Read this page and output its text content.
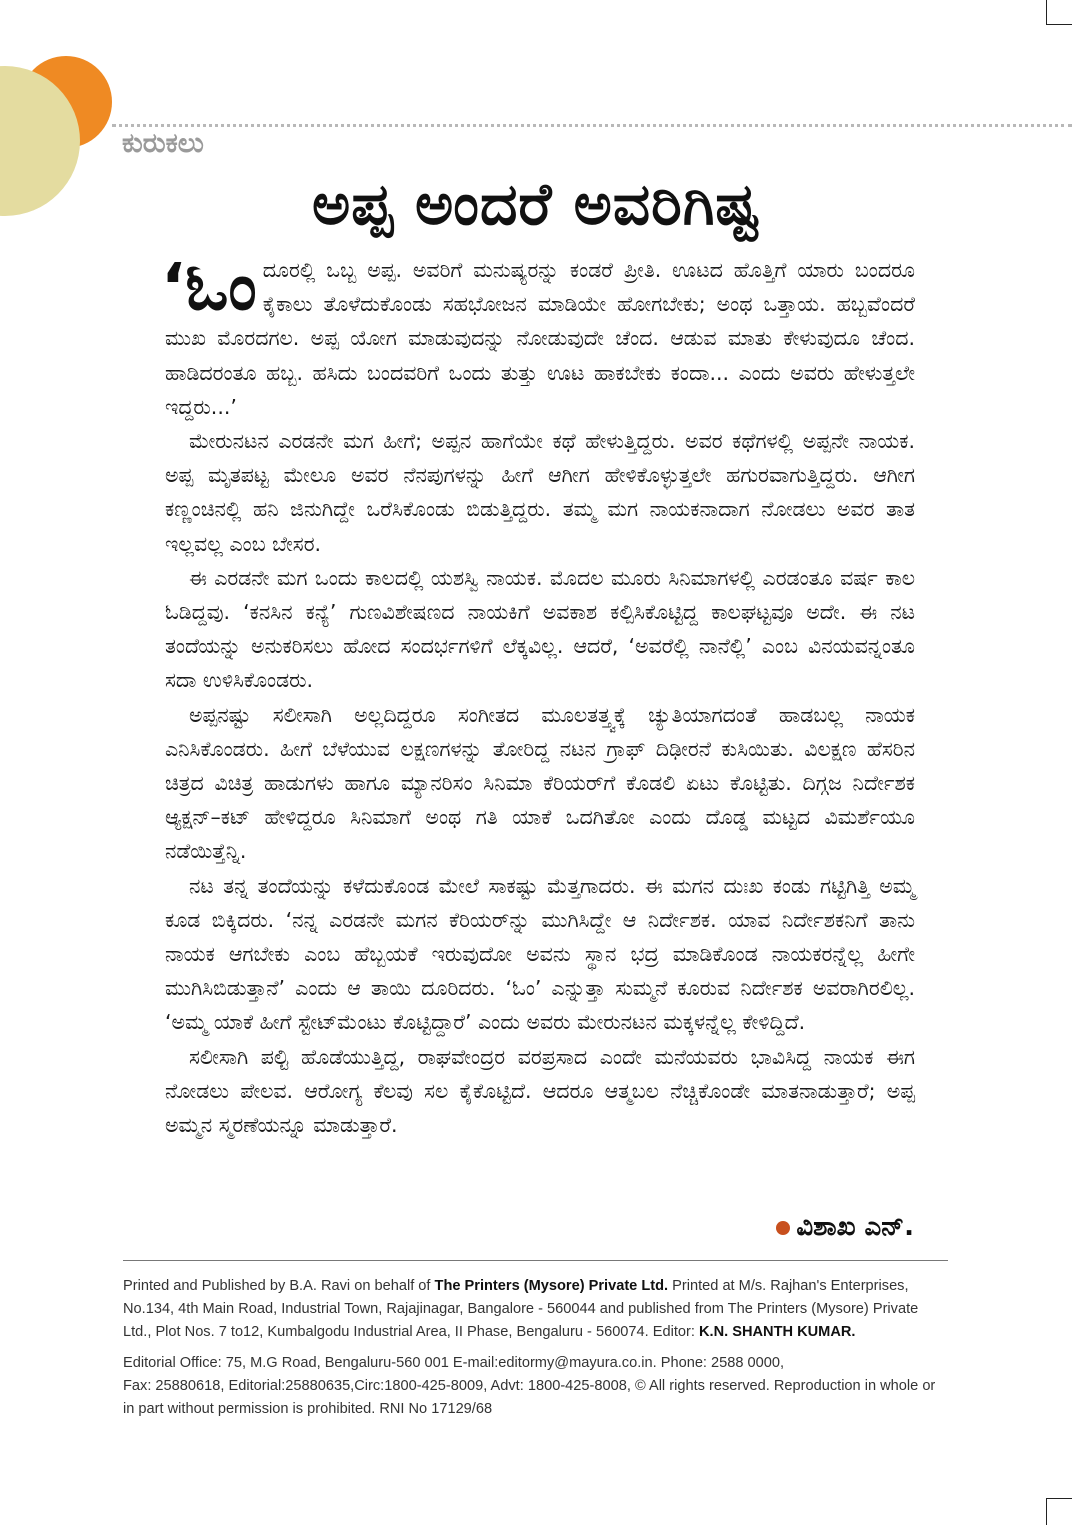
ಕುರುಕಲು
ಅಪ್ಪ ಅಂದರೆ ಅವರಿಗಿಷ್ಟ

‘ಓಂ ದೂರಲ್ಲಿ ಒಬ್ಬ ಅಪ್ಪ. ಅವರಿಗೆ ಮನುಷ್ಯರನ್ನು ಕಂಡರೆ ಪ್ರೀತಿ. ಊಟದ ಹೊತ್ತಿಗೆ ಯಾರು ಬಂದರೂ ಕೈಕಾಲು ತೊಳೆದುಕೊಂಡು ಸಹಭೋಜನ ಮಾಡಿಯೇ ಹೋಗಬೇಕು; ಅಂಥ ಒತ್ತಾಯ. ಹಬ್ಬವೆಂದರೆ ಮುಖ ಮೊರದಗಲ. ಅಪ್ಪ ಯೋಗ ಮಾಡುವುದನ್ನು ನೋಡುವುದೇ ಚೆಂದ. ಆಡುವ ಮಾತು ಕೇಳುವುದೂ ಚೆಂದ. ಹಾಡಿದರಂತೂ ಹಬ್ಬ. ಹಸಿದು ಬಂದವರಿಗೆ ಒಂದು ತುತ್ತು ಊಟ ಹಾಕಬೇಕು ಕಂದಾ... ಎಂದು ಅವರು ಹೇಳುತ್ತಲೇ ಇದ್ದರು...’

ಮೇರುನಟನ ಎರಡನೇ ಮಗ ಹೀಗೆ; ಅಪ್ಪನ ಹಾಗೆಯೇ ಕಥೆ ಹೇಳುತ್ತಿದ್ದರು. ಅವರ ಕಥೆಗಳಲ್ಲಿ ಅಪ್ಪನೇ ನಾಯಕ. ಅಪ್ಪ ಮೃತಪಟ್ಟ ಮೇಲೂ ಅವರ ನೆನಪುಗಳನ್ನು ಹೀಗೆ ಆಗೀಗ ಹೇಳಿಕೊಳ್ಳುತ್ತಲೇ ಹಗುರವಾಗುತ್ತಿದ್ದರು. ಆಗೀಗ ಕಣ್ಣಂಚಿನಲ್ಲಿ ಹನಿ ಜಿನುಗಿದ್ದೇ ಒರೆಸಿಕೊಂಡು ಬಿಡುತ್ತಿದ್ದರು. ತಮ್ಮ ಮಗ ನಾಯಕನಾದಾಗ ನೋಡಲು ಅವರ ತಾತ ಇಲ್ಲವಲ್ಲ ಎಂಬ ಬೇಸರ.

ಈ ಎರಡನೇ ಮಗ ಒಂದು ಕಾಲದಲ್ಲಿ ಯಶಸ್ವಿ ನಾಯಕ. ಮೊದಲ ಮೂರು ಸಿನಿಮಾಗಳಲ್ಲಿ ಎರಡಂತೂ ವರ್ಷ ಕಾಲ ಓಡಿದ್ದವು. ‘ಕನಸಿನ ಕನ್ಯೆ’ ಗುಣವಿಶೇಷಣದ ನಾಯಕಿಗೆ ಅವಕಾಶ ಕಲ್ಪಿಸಿಕೊಟ್ಟಿದ್ದ ಕಾಲಘಟ್ಟವೂ ಅದೇ. ಈ ನಟ ತಂದೆಯನ್ನು ಅನುಕರಿಸಲು ಹೋದ ಸಂದರ್ಭಗಳಿಗೆ ಲೆಕ್ಕವಿಲ್ಲ. ಆದರೆ, ‘ಅವರೆಲ್ಲಿ ನಾನೆಲ್ಲಿ’ ಎಂಬ ವಿನಯವನ್ನಂತೂ ಸದಾ ಉಳಿಸಿಕೊಂಡರು.

ಅಪ್ಪನಷ್ಟು ಸಲೀಸಾಗಿ ಅಲ್ಲದಿದ್ದರೂ ಸಂಗೀತದ ಮೂಲತತ್ತ್ವಕ್ಕೆ ಚ್ಯುತಿಯಾಗದಂತೆ ಹಾಡಬಲ್ಲ ನಾಯಕ ಎನಿಸಿಕೊಂಡರು. ಹೀಗೆ ಬೆಳೆಯುವ ಲಕ್ಷಣಗಳನ್ನು ತೋರಿದ್ದ ನಟನ ಗ್ರಾಫ್ ದಿಢೀರನೆ ಕುಸಿಯಿತು. ವಿಲಕ್ಷಣ ಹೆಸರಿನ ಚಿತ್ರದ ವಿಚಿತ್ರ ಹಾಡುಗಳು ಹಾಗೂ ಮ್ಯಾನರಿಸಂ ಸಿನಿಮಾ ಕೆರಿಯರ್‌ಗೆ ಕೊಡಲಿ ಏಟು ಕೊಟ್ಟಿತು. ದಿಗ್ಗಜ ನಿರ್ದೇಶಕ ಆ್ಯಕ್ಷನ್–ಕಟ್ ಹೇಳಿದ್ದರೂ ಸಿನಿಮಾಗೆ ಅಂಥ ಗತಿ ಯಾಕೆ ಒದಗಿತೋ ಎಂದು ದೊಡ್ಡ ಮಟ್ಟದ ವಿಮರ್ಶೆಯೂ ನಡೆಯಿತ್ತೆನ್ನಿ.

ನಟ ತನ್ನ ತಂದೆಯನ್ನು ಕಳೆದುಕೊಂಡ ಮೇಲೆ ಸಾಕಷ್ಟು ಮೆತ್ತಗಾದರು. ಈ ಮಗನ ದುಃಖ ಕಂಡು ಗಟ್ಟಿಗಿತ್ತಿ ಅಮ್ಮ ಕೂಡ ಬಿಕ್ಕಿದರು. ‘ನನ್ನ ಎರಡನೇ ಮಗನ ಕೆರಿಯರ್‌ನ್ನು ಮುಗಿಸಿದ್ದೇ ಆ ನಿರ್ದೇಶಕ. ಯಾವ ನಿರ್ದೇಶಕನಿಗೆ ತಾನು ನಾಯಕ ಆಗಬೇಕು ಎಂಬ ಹೆಬ್ಬಯಕೆ ಇರುವುದೋ ಅವನು ಸ್ಥಾನ ಭದ್ರ ಮಾಡಿಕೊಂಡ ನಾಯಕರನ್ನೆಲ್ಲ ಹೀಗೇ ಮುಗಿಸಿಬಿಡುತ್ತಾನೆ’ ಎಂದು ಆ ತಾಯಿ ದೂರಿದರು. ‘ಓಂ’ ಎನ್ನುತ್ತಾ ಸುಮ್ಮನೆ ಕೂರುವ ನಿರ್ದೇಶಕ ಅವರಾಗಿರಲಿಲ್ಲ. ‘ಅಮ್ಮ ಯಾಕೆ ಹೀಗೆ ಸ್ಟೇಟ್‌ಮೆಂಟು ಕೊಟ್ಟಿದ್ದಾರೆ’ ಎಂದು ಅವರು ಮೇರುನಟನ ಮಕ್ಕಳನ್ನೆಲ್ಲ ಕೇಳಿದ್ದಿದೆ.

ಸಲೀಸಾಗಿ ಪಲ್ಟಿ ಹೊಡೆಯುತ್ತಿದ್ದ, ರಾಘವೇಂದ್ರರ ವರಪ್ರಸಾದ ಎಂದೇ ಮನೆಯವರು ಭಾವಿಸಿದ್ದ ನಾಯಕ ಈಗ ನೋಡಲು ಪೇಲವ. ಆರೋಗ್ಯ ಕೆಲವು ಸಲ ಕೈಕೊಟ್ಟಿದೆ. ಆದರೂ ಆತ್ಮಬಲ ನೆಚ್ಚಿಕೊಂಡೇ ಮಾತನಾಡುತ್ತಾರೆ; ಅಪ್ಪ ಅಮ್ಮನ ಸ್ಮರಣೆಯನ್ನೂ ಮಾಡುತ್ತಾರೆ.

ವಿಶಾಖ ಎನ್.
Printed and Published by B.A. Ravi on behalf of The Printers (Mysore) Private Ltd. Printed at M/s. Rajhan's Enterprises, No.134, 4th Main Road, Industrial Town, Rajajinagar, Bangalore - 560044 and published from The Printers (Mysore) Private Ltd., Plot Nos. 7 to12, Kumbalgodu Industrial Area, II Phase, Bengaluru - 560074. Editor: K.N. SHANTH KUMAR.
Editorial Office: 75, M.G Road, Bengaluru-560 001 E-mail:editormy@mayura.co.in. Phone: 2588 0000,
Fax: 25880618, Editorial:25880635,Circ:1800-425-8009, Advt: 1800-425-8008, © All rights reserved. Reproduction in whole or in part without permission is prohibited. RNI No 17129/68
